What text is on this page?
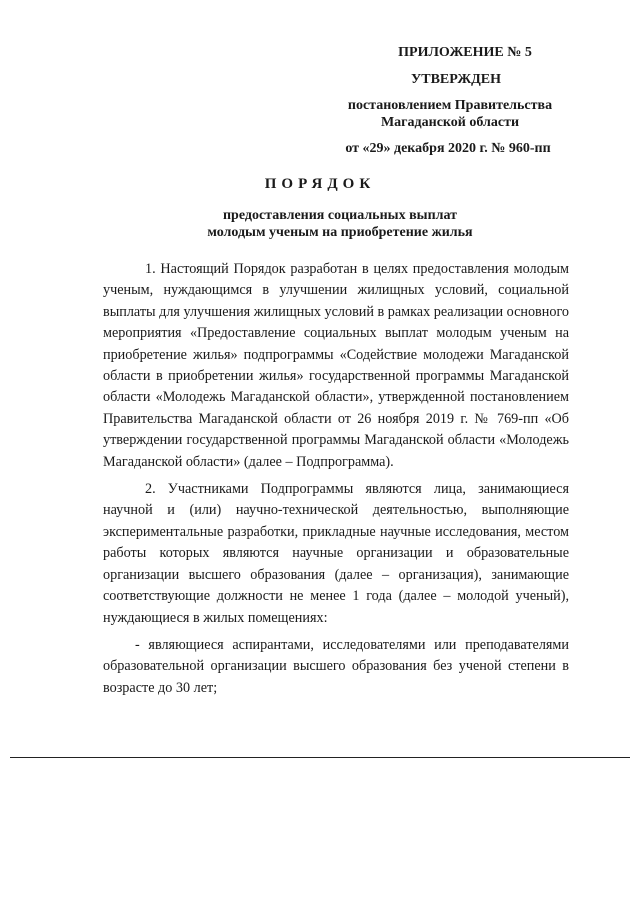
ПРИЛОЖЕНИЕ № 5
УТВЕРЖДЕН
постановлением Правительства
Магаданской области
от «29» декабря 2020 г. № 960-пп
ПОРЯДОК
предоставления социальных выплат
молодым ученым на приобретение жилья

1. Настоящий Порядок разработан в целях предоставления молодым ученым, нуждающимся в улучшении жилищных условий, социальной выплаты для улучшения жилищных условий в рамках реализации основного мероприятия «Предоставление социальных выплат молодым ученым на приобретение жилья» подпрограммы «Содействие молодежи Магаданской области в приобретении жилья» государственной программы Магаданской области «Молодежь Магаданской области», утвержденной постановлением Правительства Магаданской области от 26 ноября 2019 г. № 769-пп «Об утверждении государственной программы Магаданской области «Молодежь Магаданской области» (далее – Подпрограмма).

2. Участниками Подпрограммы являются лица, занимающиеся научной и (или) научно-технической деятельностью, выполняющие экспериментальные разработки, прикладные научные исследования, местом работы которых являются научные организации и образовательные организации высшего образования (далее – организация), занимающие соответствующие должности не менее 1 года (далее – молодой ученый), нуждающиеся в жилых помещениях:

- являющиеся аспирантами, исследователями или преподавателями образовательной организации высшего образования без ученой степени в возрасте до 30 лет;
